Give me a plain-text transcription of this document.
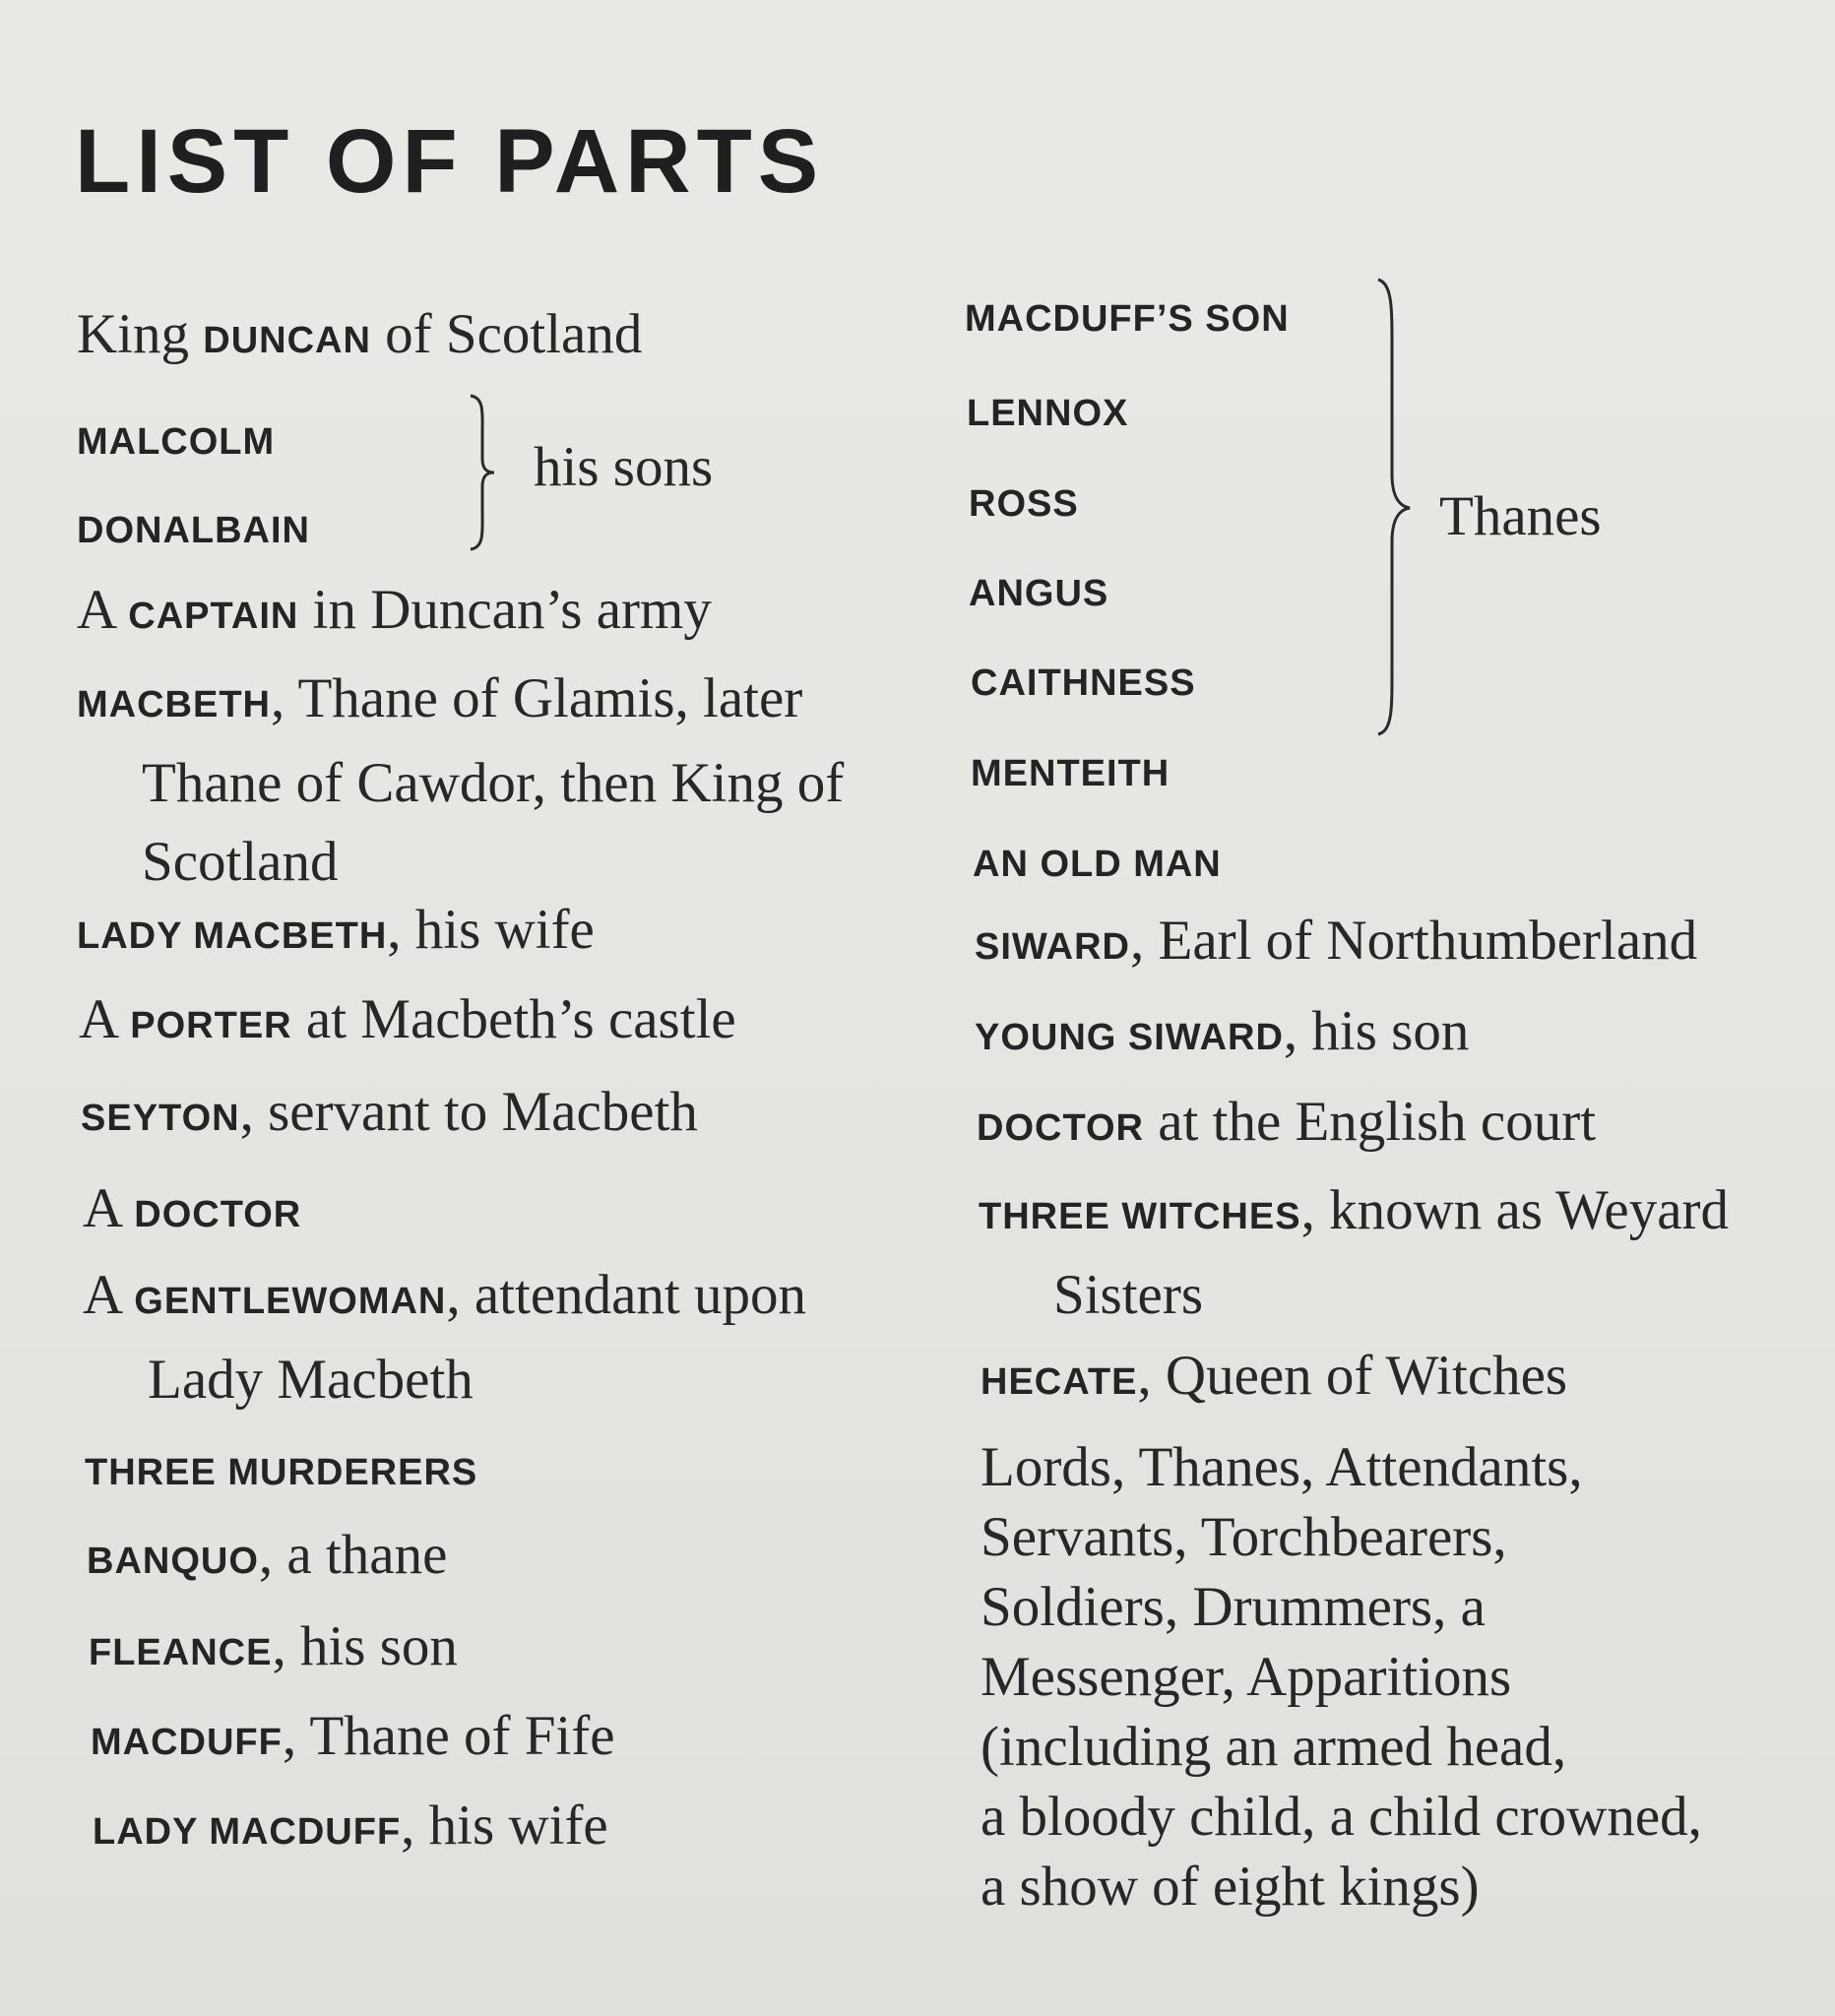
LIST OF PARTS
King DUNCAN of Scotland
MALCOLM
DONALBAIN
his sons
A CAPTAIN in Duncan’s army
MACBETH, Thane of Glamis, later
Thane of Cawdor, then King of
Scotland
LADY MACBETH, his wife
A PORTER at Macbeth’s castle
SEYTON, servant to Macbeth
A DOCTOR
A GENTLEWOMAN, attendant upon
Lady Macbeth
THREE MURDERERS
BANQUO, a thane
FLEANCE, his son
MACDUFF, Thane of Fife
LADY MACDUFF, his wife
MACDUFF’S SON
LENNOX
ROSS
ANGUS
CAITHNESS
Thanes
MENTEITH
AN OLD MAN
SIWARD, Earl of Northumberland
YOUNG SIWARD, his son
DOCTOR at the English court
THREE WITCHES, known as Weyard
Sisters
HECATE, Queen of Witches
Lords, Thanes, Attendants,
Servants, Torchbearers,
Soldiers, Drummers, a
Messenger, Apparitions
(including an armed head,
a bloody child, a child crowned,
a show of eight kings)
